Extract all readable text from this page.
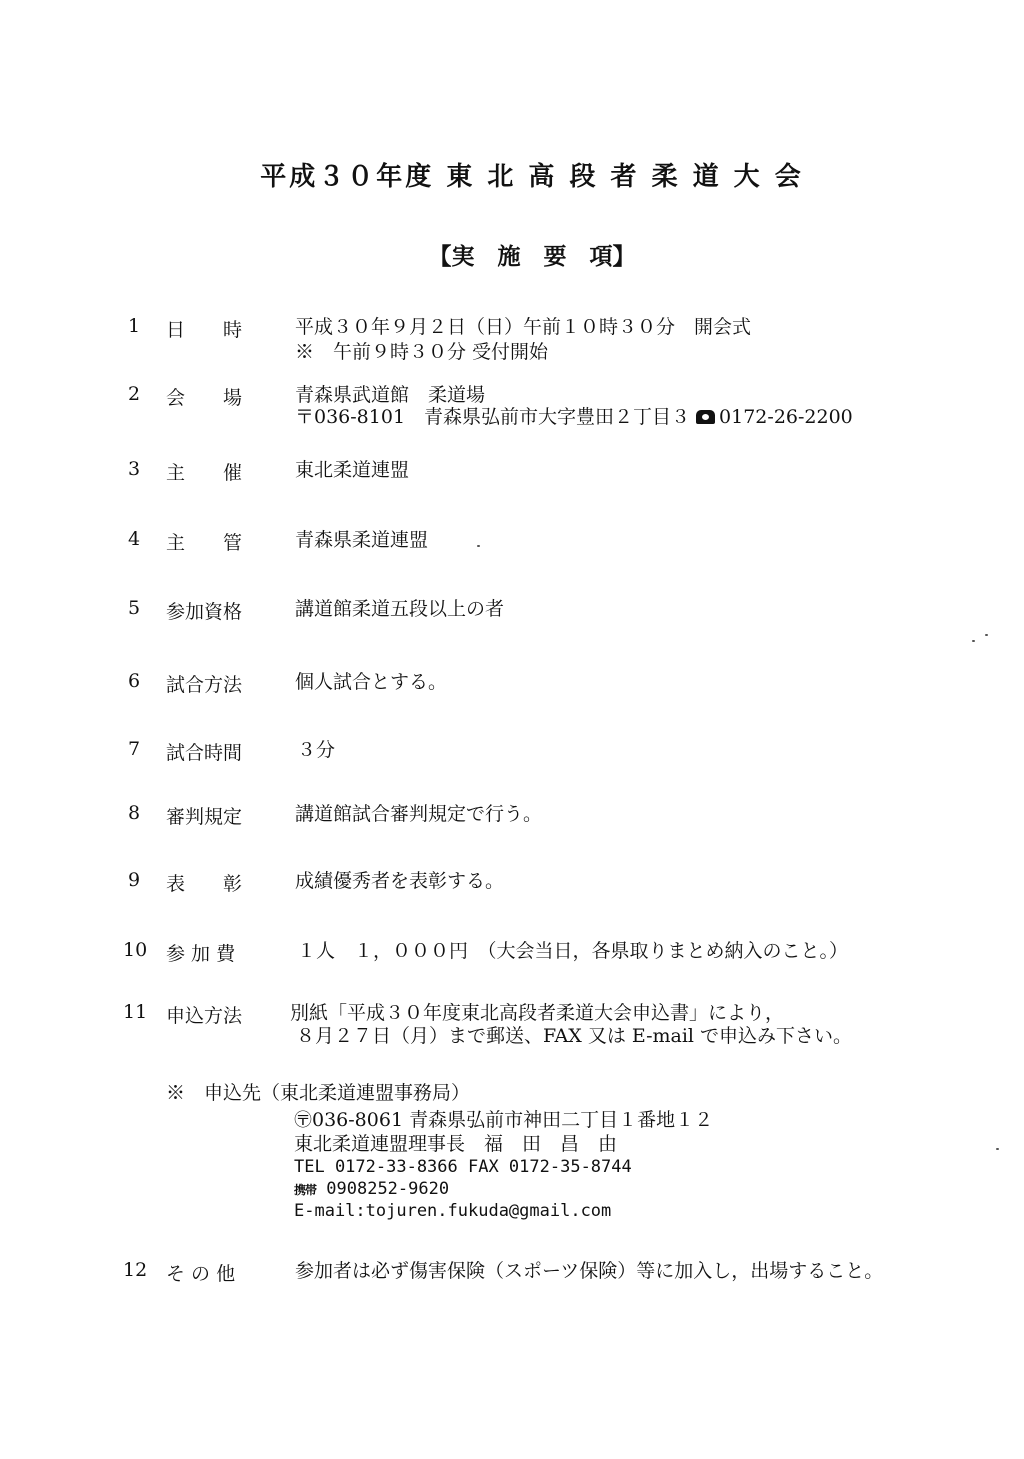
平成３０年度 東 北 高 段 者 柔 道 大 会
【実　施　要　項】
1 日　　時	平成３０年９月２日（日）午前１０時３０分　開会式
※　午前９時３０分 受付開始
2 会　　場	青森県武道館　柔道場
〒036-8101　青森県弘前市大字豊田２丁目３ 0172-26-2200
3 主　　催	東北柔道連盟
4 主　　管	青森県柔道連盟
5 参加資格	講道館柔道五段以上の者
6 試合方法	個人試合とする。
7 試合時間	３分
8 審判規定	講道館試合審判規定で行う。
9 表　　彰	成績優秀者を表彰する。
10 参 加 費	１人　１，０００円　（大会当日，各県取りまとめ納入のこと。）
11 申込方法	別紙「平成３０年度東北高段者柔道大会申込書」により，
８月２７日（月）まで郵送、FAX 又は E-mail で申込み下さい。
※　申込先（東北柔道連盟事務局）
〶036-8061 青森県弘前市神田二丁目１番地１２
東北柔道連盟理事長　福　田　昌　由
TEL 0172-33-8366 FAX 0172-35-8744
携帯 0908252-9620
E-mail:tojuren.fukuda@gmail.com
12 そ の 他	参加者は必ず傷害保険（スポーツ保険）等に加入し，出場すること。
